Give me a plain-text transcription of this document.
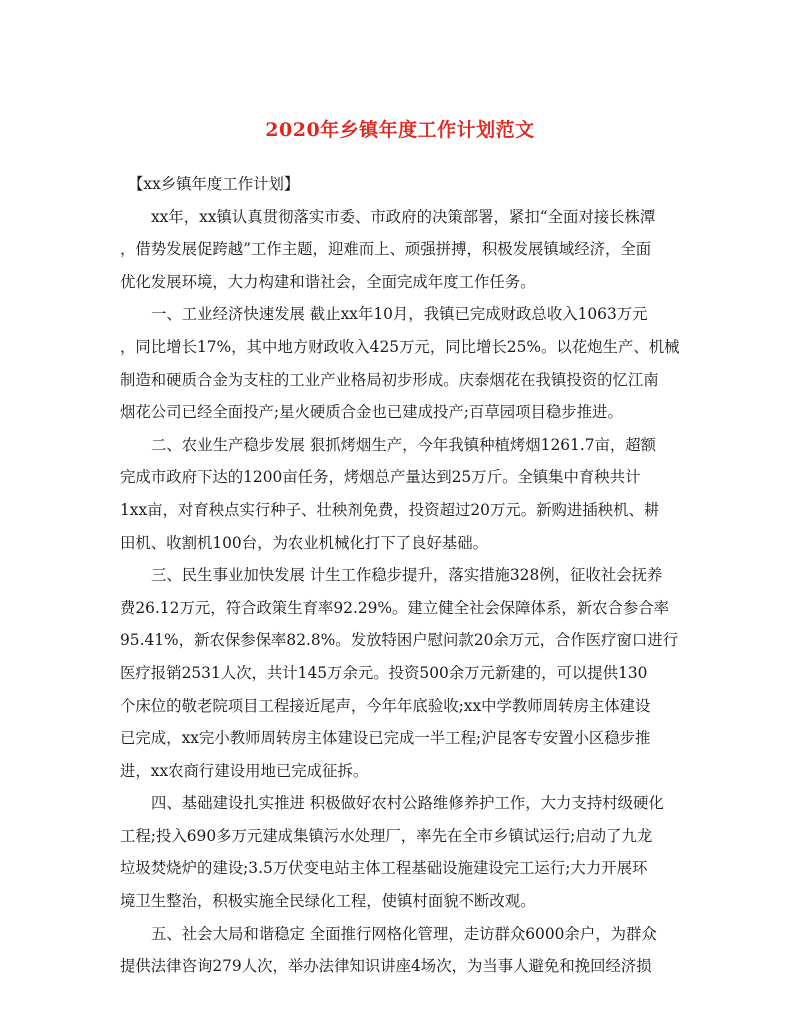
2020年乡镇年度工作计划范文
【xx乡镇年度工作计划】
xx年，xx镇认真贯彻落实市委、市政府的决策部署，紧扣“全面对接长株潭
，借势发展促跨越”工作主题，迎难而上、顽强拼搏，积极发展镇域经济，全面
优化发展环境，大力构建和谐社会，全面完成年度工作任务。
一、工业经济快速发展 截止xx年10月，我镇已完成财政总收入1063万元
，同比增长17%，其中地方财政收入425万元，同比增长25%。以花炮生产、机械
制造和硬质合金为支柱的工业产业格局初步形成。庆泰烟花在我镇投资的忆江南
烟花公司已经全面投产;星火硬质合金也已建成投产;百草园项目稳步推进。
二、农业生产稳步发展 狠抓烤烟生产，今年我镇种植烤烟1261.7亩，超额
完成市政府下达的1200亩任务，烤烟总产量达到25万斤。全镇集中育秧共计
1xx亩，对育秧点实行种子、壮秧剂免费，投资超过20万元。新购进插秧机、耕
田机、收割机100台，为农业机械化打下了良好基础。
三、民生事业加快发展 计生工作稳步提升，落实措施328例，征收社会抚养
费26.12万元，符合政策生育率92.29%。建立健全社会保障体系，新农合参合率
95.41%，新农保参保率82.8%。发放特困户慰问款20余万元，合作医疗窗口进行
医疗报销2531人次，共计145万余元。投资500余万元新建的，可以提供130
个床位的敬老院项目工程接近尾声，今年年底验收;xx中学教师周转房主体建设
已完成，xx完小教师周转房主体建设已完成一半工程;沪昆客专安置小区稳步推
进，xx农商行建设用地已完成征拆。
四、基础建设扎实推进 积极做好农村公路维修养护工作，大力支持村级硬化
工程;投入690多万元建成集镇污水处理厂，率先在全市乡镇试运行;启动了九龙
垃圾焚烧炉的建设;3.5万伏变电站主体工程基础设施建设完工运行;大力开展环
境卫生整治，积极实施全民绿化工程，使镇村面貌不断改观。
五、社会大局和谐稳定 全面推行网格化管理，走访群众6000余户，为群众
提供法律咨询279人次，举办法律知识讲座4场次，为当事人避免和挽回经济损
